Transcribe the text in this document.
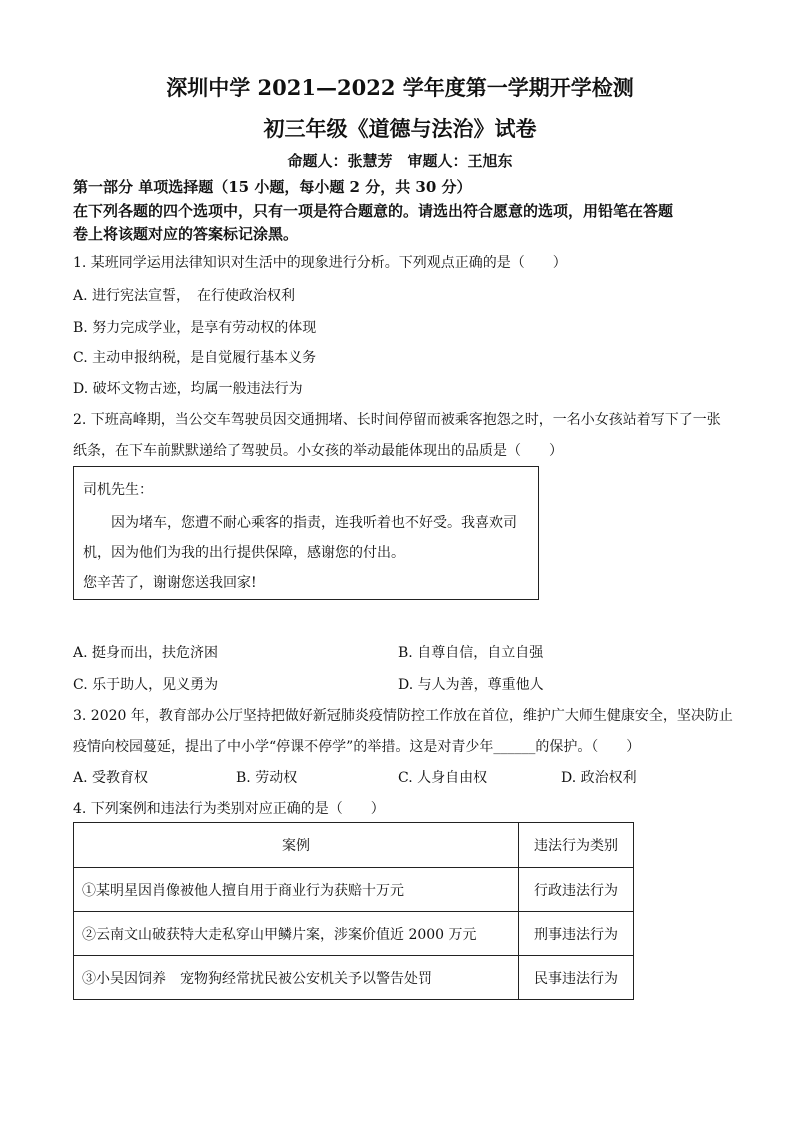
深圳中学 2021—2022 学年度第一学期开学检测
初三年级《道德与法治》试卷
命题人：张慧芳　审题人：王旭东
第一部分 单项选择题（15 小题，每小题 2 分，共 30 分）
在下列各题的四个选项中，只有一项是符合题意的。请选出符合愿意的选项，用铅笔在答题
卷上将该题对应的答案标记涂黑。
1. 某班同学运用法律知识对生活中的现象进行分析。下列观点正确的是（　　）
A. 进行宪法宣誓，　在行使政治权利
B. 努力完成学业，是享有劳动权的体现
C. 主动申报纳税，是自觉履行基本义务
D. 破坏文物古迹，均属一般违法行为
2. 下班高峰期，当公交车驾驶员因交通拥堵、长时间停留而被乘客抱怨之时，一名小女孩站着写下了一张
纸条，在下车前默默递给了驾驶员。小女孩的举动最能体现出的品质是（　　）
司机先生：
因为堵车，您遭不耐心乘客的指责，连我听着也不好受。我喜欢司
机，因为他们为我的出行提供保障，感谢您的付出。
您辛苦了，谢谢您送我回家!
A. 挺身而出，扶危济困	B. 自尊自信，自立自强
C. 乐于助人，见义勇为	D. 与人为善，尊重他人
3. 2020 年，教育部办公厅坚持把做好新冠肺炎疫情防控工作放在首位，维护广大师生健康安全，坚决防止
疫情向校园蔓延，提出了中小学“停课不停学”的举措。这是对青少年______的保护。（　　）
A. 受教育权	B. 劳动权	C. 人身自由权	D. 政治权利
4. 下列案例和违法行为类别对应正确的是（　　）
案例	违法行为类别
①某明星因肖像被他人擅自用于商业行为获赔十万元	行政违法行为
②云南文山破获特大走私穿山甲鳞片案，涉案价值近 2000 万元	刑事违法行为
③小吴因饲养　宠物狗经常扰民被公安机关予以警告处罚	民事违法行为
